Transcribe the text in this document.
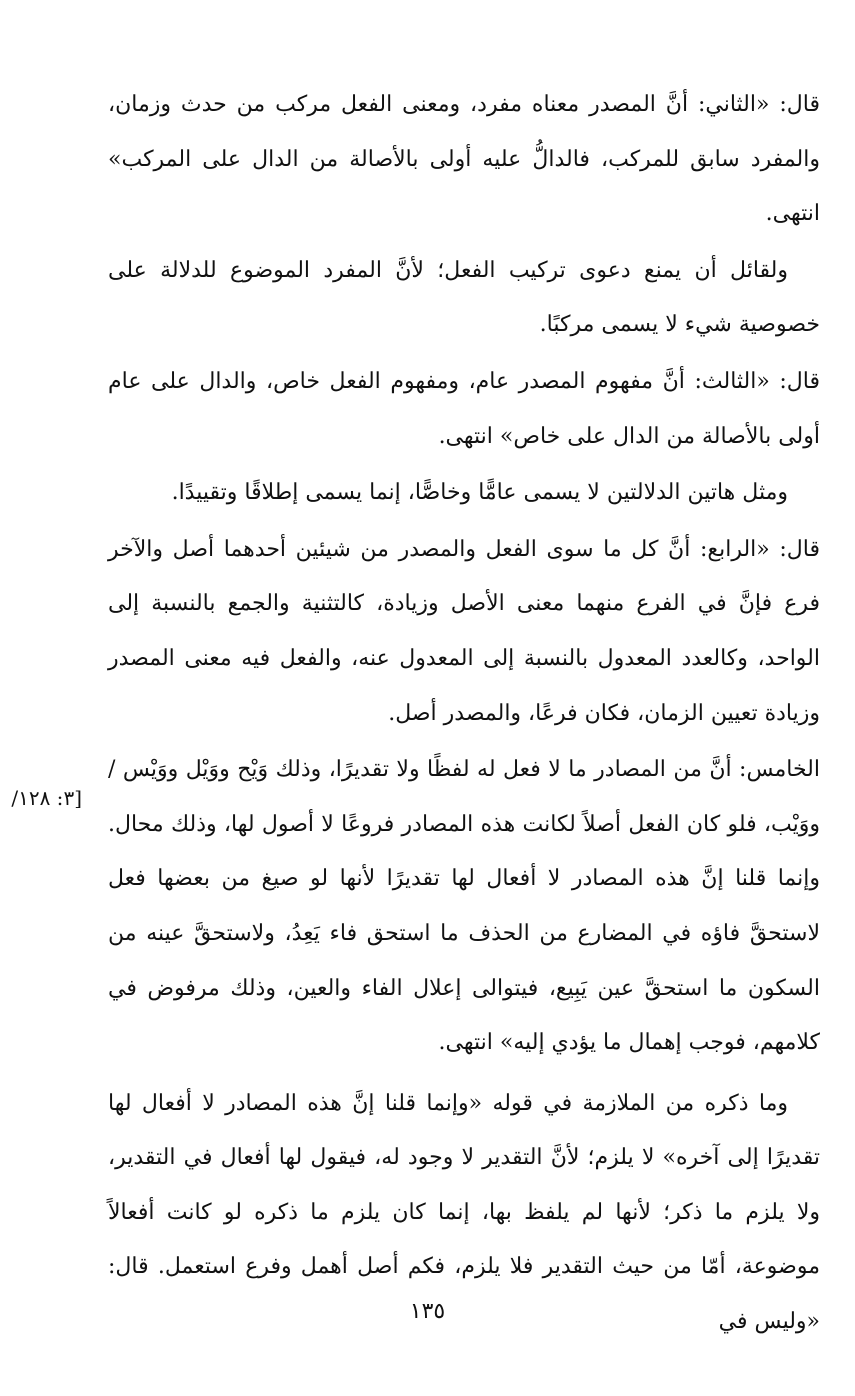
قال: «الثاني: أنَّ المصدر معناه مفرد، ومعنى الفعل مركب من حدث وزمان، والمفرد سابق للمركب، فالدالُّ عليه أولى بالأصالة من الدال على المركب» انتهى.

ولقائل أن يمنع دعوى تركيب الفعل؛ لأنَّ المفرد الموضوع للدلالة على خصوصية شيء لا يسمى مركبًا.

قال: «الثالث: أنَّ مفهوم المصدر عام، ومفهوم الفعل خاص، والدال على عام أولى بالأصالة من الدال على خاص» انتهى.

ومثل هاتين الدلالتين لا يسمى عامًّا وخاصًّا، إنما يسمى إطلاقًا وتقييدًا.

قال: «الرابع: أنَّ كل ما سوى الفعل والمصدر من شيئين أحدهما أصل والآخر فرع فإنَّ في الفرع منهما معنى الأصل وزيادة، كالتثنية والجمع بالنسبة إلى الواحد، وكالعدد المعدول بالنسبة إلى المعدول عنه، والفعل فيه معنى المصدر وزيادة تعيين الزمان، فكان فرعًا، والمصدر أصل.

الخامس: أنَّ من المصادر ما لا فعل له لفظًا ولا تقديرًا، وذلك وَيْح ووَيْل ووَيْس /ووَيْب، فلو كان الفعل أصلاً لكانت هذه المصادر فروعًا لا أصول لها، وذلك محال. وإنما قلنا إنَّ هذه المصادر لا أفعال لها تقديرًا لأنها لو صيغ من بعضها فعل لاستحقَّ فاؤه في المضارع من الحذف ما استحق فاء يَعِدُ، ولاستحقَّ عينه من السكون ما استحقَّ عين يَبِيع، فيتوالى إعلال الفاء والعين، وذلك مرفوض في كلامهم، فوجب إهمال ما يؤدي إليه» انتهى.

وما ذكره من الملازمة في قوله «وإنما قلنا إنَّ هذه المصادر لا أفعال لها تقديرًا إلى آخره» لا يلزم؛ لأنَّ التقدير لا وجود له، فيقول لها أفعال في التقدير، ولا يلزم ما ذكر؛ لأنها لم يلفظ بها، إنما كان يلزم ما ذكره لو كانت أفعالاً موضوعة، أمّا من حيث التقدير فلا يلزم، فكم أصل أهمل وفرع استعمل. قال: «وليس في

[٣: ١٢٨/
١٣٥
